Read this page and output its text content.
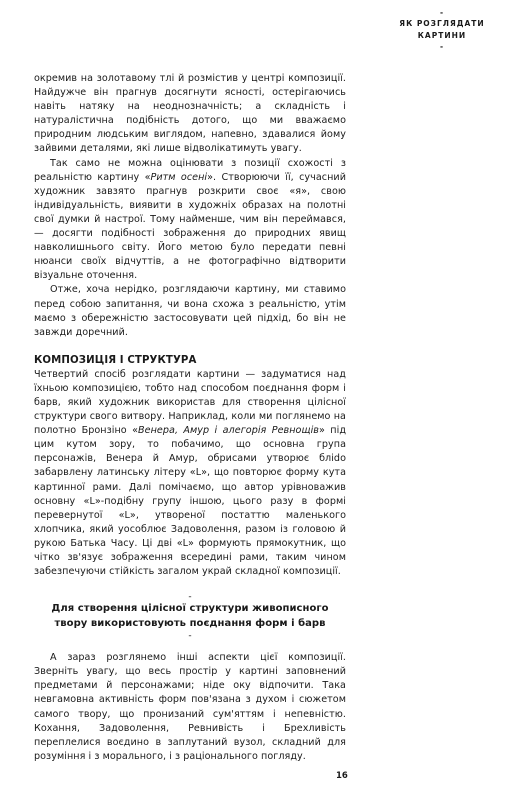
-
ЯК РОЗГЛЯДАТИ
КАРТИНИ
-

окремив на золотавому тлі й розмістив у центрі композиції. Найдужче він прагнув досягнути ясності, остерігаючись навіть натяку на неоднозначність; а складність і натуралістична подібність дотого, що ми вважаємо природним людським виглядом, напевно, здавалися йому зайвими деталями, які лише відволікатимуть увагу.

Так само не можна оцінювати з позиції схожості з реальністю картину «Ритм осені». Створюючи її, сучасний художник завзято прагнув розкрити своє «я», свою індивідуальність, виявити в художніх образах на полотні свої думки й настрої. Тому найменше, чим він переймався, — досягти подібності зображення до природних явищ навколишнього світу. Його метою було передати певні нюанси своїх відчуттів, а не фотографічно відтворити візуальне оточення.

Отже, хоча нерідко, розглядаючи картину, ми ставимо перед собою запитання, чи вона схожа з реальністю, утім маємо з обережністю застосовувати цей підхід, бо він не завжди доречний.

КОМПОЗИЦІЯ І СТРУКТУРА

Четвертий спосіб розглядати картини — задуматися над їхньою композицією, тобто над способом поєднання форм і барв, який художник використав для створення цілісної структури свого витвору. Наприклад, коли ми поглянемо на полотно Бронзіно «Венера, Амур і алегорія Ревнощів» під цим кутом зору, то побачимо, що основна група персонажів, Венера й Амур, обрисами утворює бліdo забарвлену латинську літеру «L», що повторює форму кута картинної рами. Далі помічаємо, що автор урівноважив основну «L»-подібну групу іншою, цього разу в формі перевернутої «L», утвореної постаттю маленького хлопчика, який уособлює Задоволення, разом із головою й рукою Батька Часу. Ці дві «L» формують прямокутник, що чітко зв'язує зображення всередині рами, таким чином забезпечуючи стійкість загалом украй складної композиції.

-
Для створення цілісної структури живописного твору використовують поєднання форм і барв
-

А зараз розглянемо інші аспекти цієї композиції. Зверніть увагу, що весь простір у картині заповнений предметами й персонажами; ніде оку відпочити. Така невгамовна активність форм пов'язана з духом і сюжетом самого твору, що пронизаний сум'яттям і непевністю. Кохання, Задоволення, Ревнивість і Брехливість переплелися воєдино в заплутаний вузол, складний для розуміння і з морального, і з раціонального погляду.

16
